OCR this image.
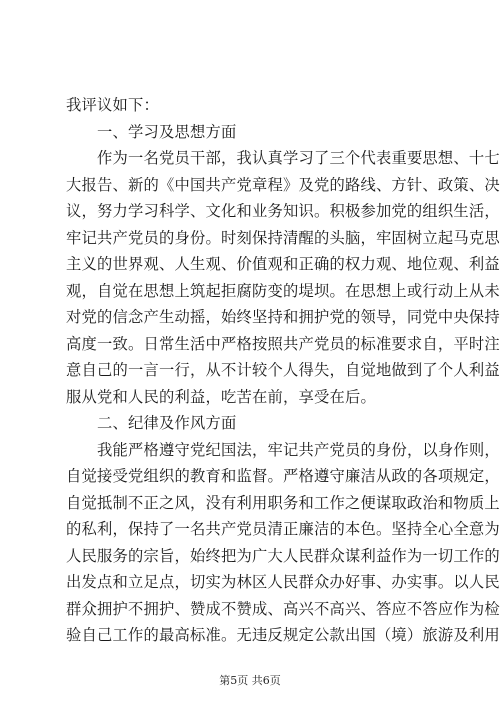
我评议如下：
一、学习及思想方面
作为一名党员干部，我认真学习了三个代表重要思想、十七
大报告、新的《中国共产党章程》及党的路线、方针、政策、决
议，努力学习科学、文化和业务知识。积极参加党的组织生活，
牢记共产党员的身份。时刻保持清醒的头脑，牢固树立起马克思
主义的世界观、人生观、价值观和正确的权力观、地位观、利益
观，自觉在思想上筑起拒腐防变的堤坝。在思想上或行动上从未
对党的信念产生动摇，始终坚持和拥护党的领导，同党中央保持
高度一致。日常生活中严格按照共产党员的标准要求自，平时注
意自己的一言一行，从不计较个人得失，自觉地做到了个人利益
服从党和人民的利益，吃苦在前，享受在后。
二、纪律及作风方面
我能严格遵守党纪国法，牢记共产党员的身份，以身作则，
自觉接受党组织的教育和监督。严格遵守廉洁从政的各项规定，
自觉抵制不正之风，没有利用职务和工作之便谋取政治和物质上
的私利，保持了一名共产党员清正廉洁的本色。坚持全心全意为
人民服务的宗旨，始终把为广大人民群众谋利益作为一切工作的
出发点和立足点，切实为林区人民群众办好事、办实事。以人民
群众拥护不拥护、赞成不赞成、高兴不高兴、答应不答应作为检
验自己工作的最高标准。无违反规定公款出国（境）旅游及利用
第5页 共6页
